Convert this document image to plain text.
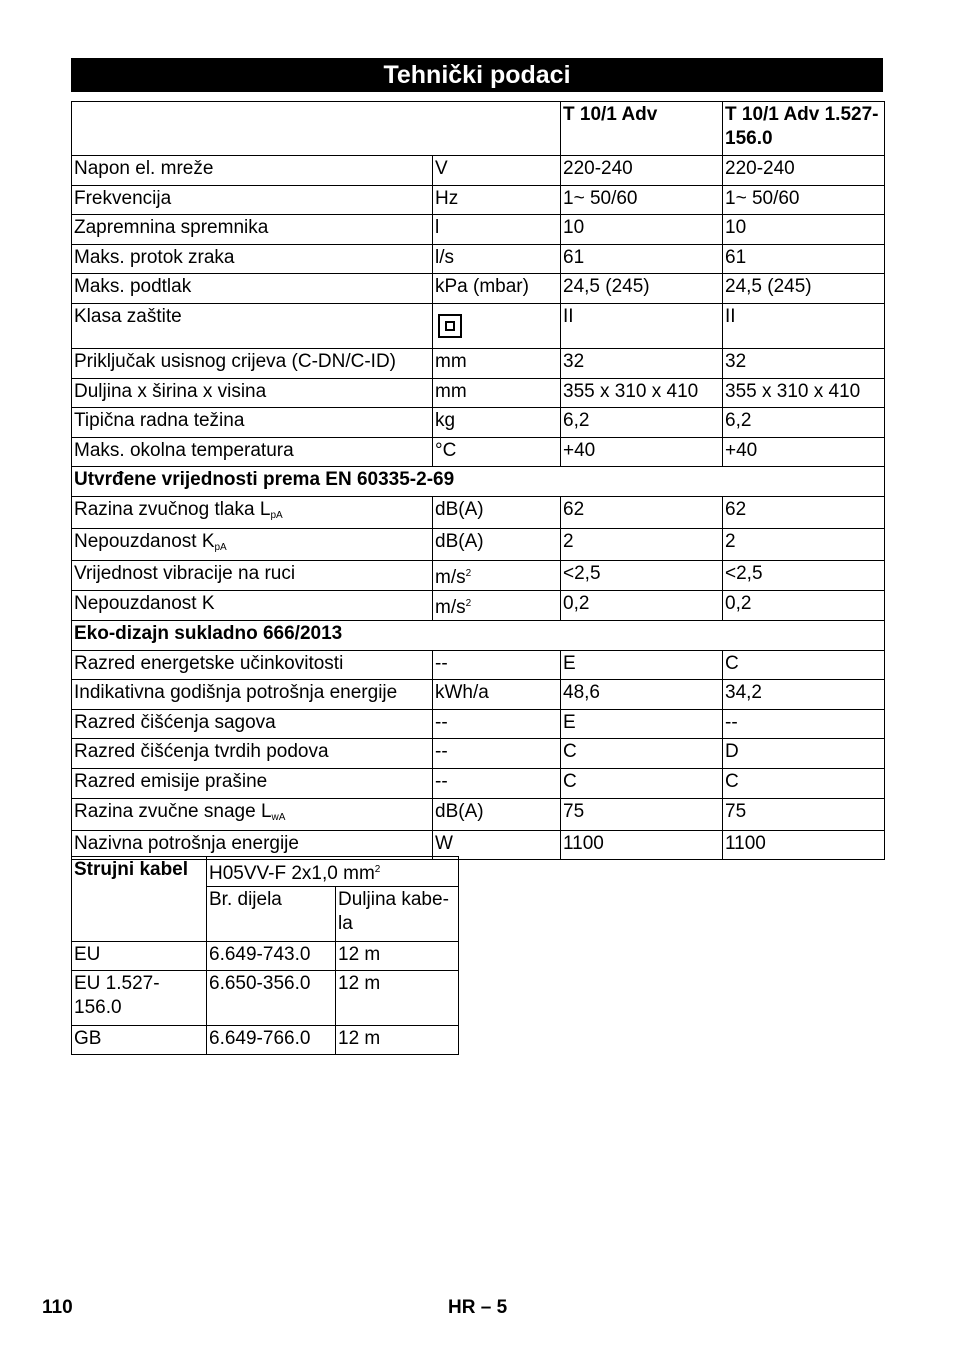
Tehnički podaci
		T 10/1 Adv	T 10/1 Adv 1.527-156.0
Napon el. mreže	V	220-240	220-240
Frekvencija	Hz	1~ 50/60	1~ 50/60
Zapremnina spremnika	l	10	10
Maks. protok zraka	l/s	61	61
Maks. podtlak	kPa (mbar)	24,5 (245)	24,5 (245)
Klasa zaštite		II	II
Priključak usisnog crijeva (C-DN/C-ID)	mm	32	32
Duljina x širina x visina	mm	355 x 310 x 410	355 x 310 x 410
Tipična radna težina	kg	6,2	6,2
Maks. okolna temperatura	°C	+40	+40
Utvrđene vrijednosti prema EN 60335-2-69			
Razina zvučnog tlaka $L_{pA}$	dB(A)	62	62
Nepouzdanost $K_{pA}$	dB(A)	2	2
Vrijednost vibracije na ruci	$m/s^2$	<2,5	<2,5
Nepouzdanost K	$m/s^2$	0,2	0,2
Eko-dizajn sukladno 666/2013			
Razred energetske učinkovitosti	--	E	C
Indikativna godišnja potrošnja energije	kWh/a	48,6	34,2
Razred čišćenja sagova	--	E	--
Razred čišćenja tvrdih podova	--	C	D
Razred emisije prašine	--	C	C
Razina zvučne snage $L_{wA}$	dB(A)	75	75
Nazivna potrošnja energije	W	1100	1100
Strujni kabel	H05VV-F 2x1,0 $mm^2$
	Br. dijela	Duljina kabe-la
EU	6.649-743.0	12 m
EU 1.527-156.0	6.650-356.0	12 m
GB	6.649-766.0	12 m
110	HR – 5
